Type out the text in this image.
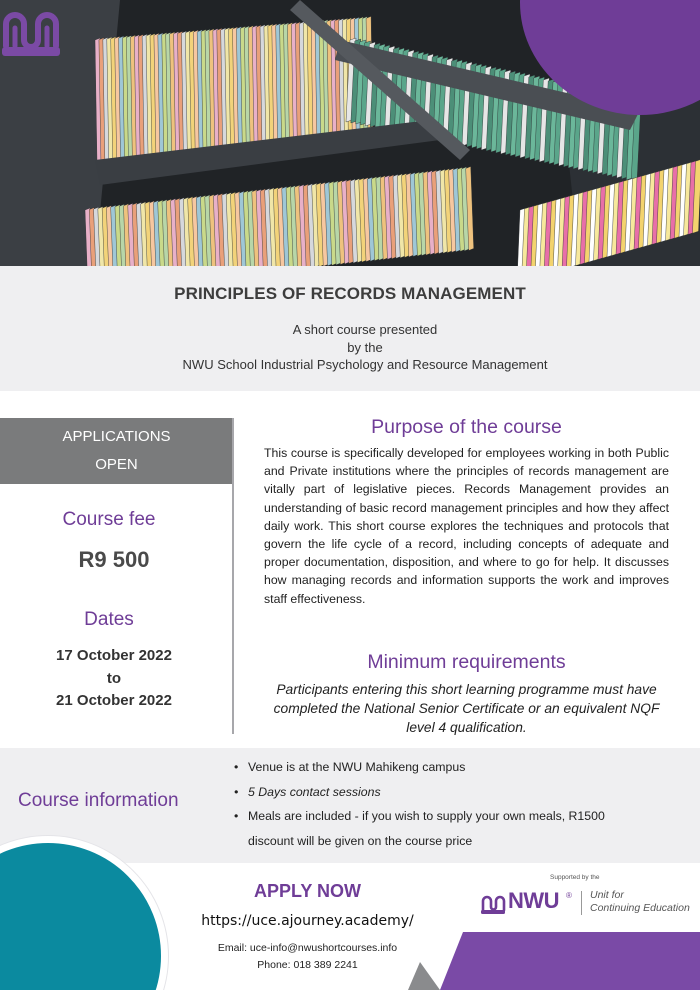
PRINCIPLES OF RECORDS MANAGEMENT
A short course presented
by the
NWU School Industrial Psychology and Resource Management
APPLICATIONS
OPEN
Course fee
R9 500
Dates
17 October 2022
to
21 October 2022
Purpose of the course
This course is specifically developed for employees working in both Public and Private institutions where the principles of records management are vitally part of legislative pieces. Records Management provides an understanding of basic record management principles and how they affect daily work. This short course explores the techniques and protocols that govern the life cycle of a record, including concepts of adequate and proper documentation, disposition, and where to go for help. It discusses how managing records and information supports the work and improves staff effectiveness.
Minimum requirements
Participants entering this short learning programme must have completed the National Senior Certificate or an equivalent NQF level 4 qualification.
Course information
• Venue is at the NWU Mahikeng campus
• 5 Days contact sessions
• Meals are included - if you wish to supply your own meals, R1500
discount will be given on the course price
APPLY NOW
https://uce.ajourney.academy/
Email: uce-info@nwushortcourses.info
Phone: 018 389 2241
Supported by the
NWU ® Unit for
Continuing Education
